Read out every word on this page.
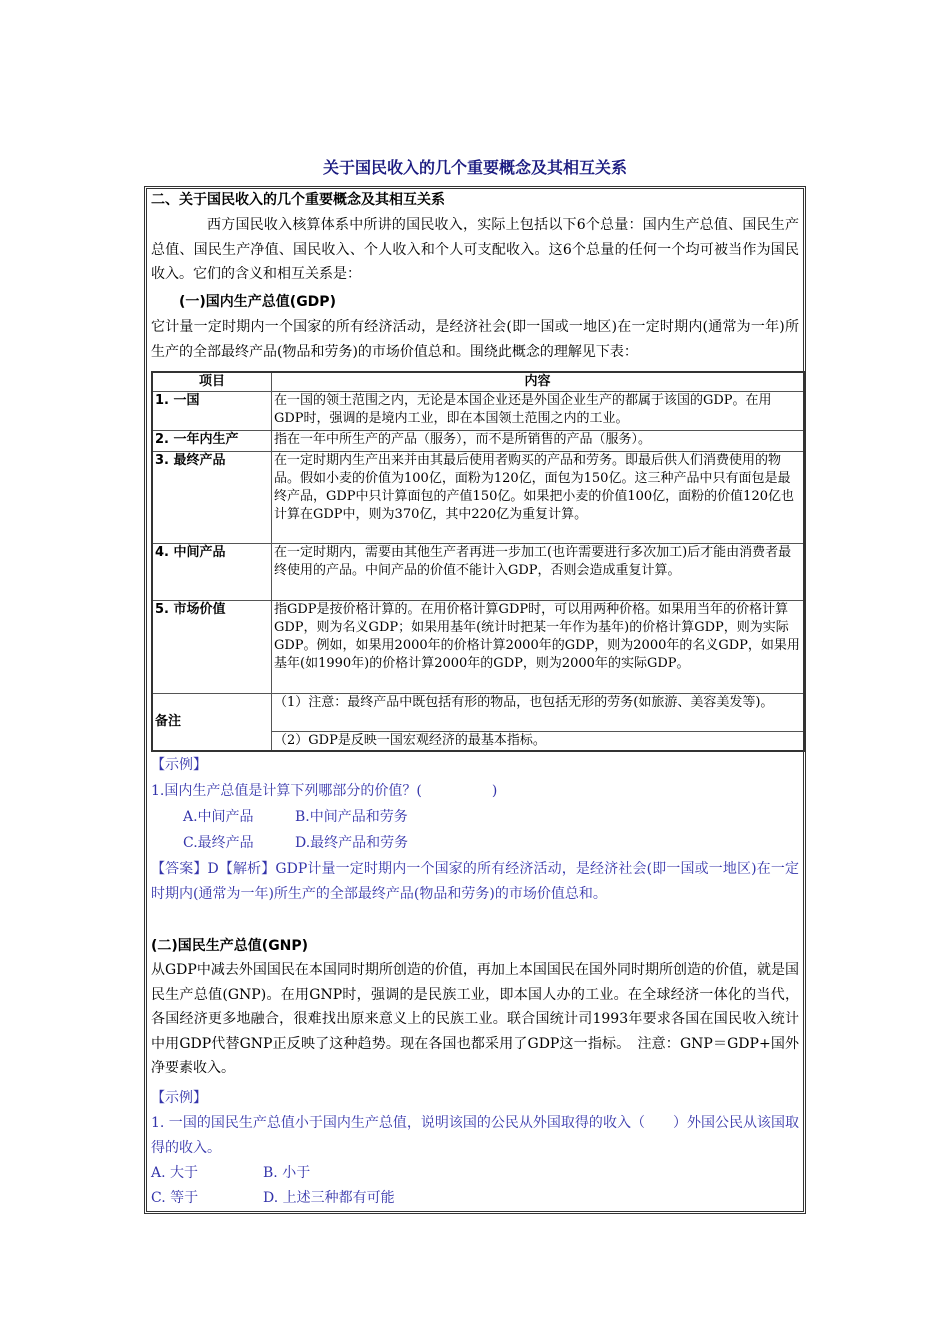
关于国民收入的几个重要概念及其相互关系
二、关于国民收入的几个重要概念及其相互关系

西方国民收入核算体系中所讲的国民收入，实际上包括以下6个总量：国内生产总值、国民生产总值、国民生产净值、国民收入、个人收入和个人可支配收入。这6个总量的任何一个均可被当作为国民收入。它们的含义和相互关系是：

(一)国内生产总值(GDP)

它计量一定时期内一个国家的所有经济活动，是经济社会(即一国或一地区)在一定时期内(通常为一年)所生产的全部最终产品(物品和劳务)的市场价值总和。围绕此概念的理解见下表：

项目	内容
1. 一国	在一国的领土范围之内，无论是本国企业还是外国企业生产的都属于该国的GDP。在用GDP时，强调的是境内工业，即在本国领土范围之内的工业。
2. 一年内生产	指在一年中所生产的产品（服务），而不是所销售的产品（服务）。
3. 最终产品	在一定时期内生产出来并由其最后使用者购买的产品和劳务。即最后供人们消费使用的物品。假如小麦的价值为100亿，面粉为120亿，面包为150亿。这三种产品中只有面包是最终产品，GDP中只计算面包的产值150亿。如果把小麦的价值100亿，面粉的价值120亿也计算在GDP中，则为370亿，其中220亿为重复计算。
4. 中间产品	在一定时期内，需要由其他生产者再进一步加工(也许需要进行多次加工)后才能由消费者最终使用的产品。中间产品的价值不能计入GDP，否则会造成重复计算。
5. 市场价值	指GDP是按价格计算的。在用价格计算GDP时，可以用两种价格。如果用当年的价格计算GDP，则为名义GDP；如果用基年(统计时把某一年作为基年)的价格计算GDP，则为实际GDP。例如，如果用2000年的价格计算2000年的GDP，则为2000年的名义GDP，如果用基年(如1990年)的价格计算2000年的GDP，则为2000年的实际GDP。
备注	（1）注意：最终产品中既包括有形的物品，也包括无形的劳务(如旅游、美容美发等)。
	（2）GDP是反映一国宏观经济的最基本指标。
【示例】
1.国内生产总值是计算下列哪部分的价值？(　　　　　)
A.中间产品	B.中间产品和劳务
C.最终产品	D.最终产品和劳务

【答案】D【解析】GDP计量一定时期内一个国家的所有经济活动，是经济社会(即一国或一地区)在一定时期内(通常为一年)所生产的全部最终产品(物品和劳务)的市场价值总和。

(二)国民生产总值(GNP)

从GDP中减去外国国民在本国同时期所创造的价值，再加上本国国民在国外同时期所创造的价值，就是国民生产总值(GNP)。在用GNP时，强调的是民族工业，即本国人办的工业。在全球经济一体化的当代，各国经济更多地融合，很难找出原来意义上的民族工业。联合国统计司1993年要求各国在国民收入统计中用GDP代替GNP正反映了这种趋势。现在各国也都采用了GDP这一指标。　注意：GNP＝GDP+国外净要素收入。

【示例】

1. 一国的国民生产总值小于国内生产总值，说明该国的公民从外国取得的收入（　　）外国公民从该国取得的收入。

A. 大于	B. 小于
C. 等于	D. 上述三种都有可能
